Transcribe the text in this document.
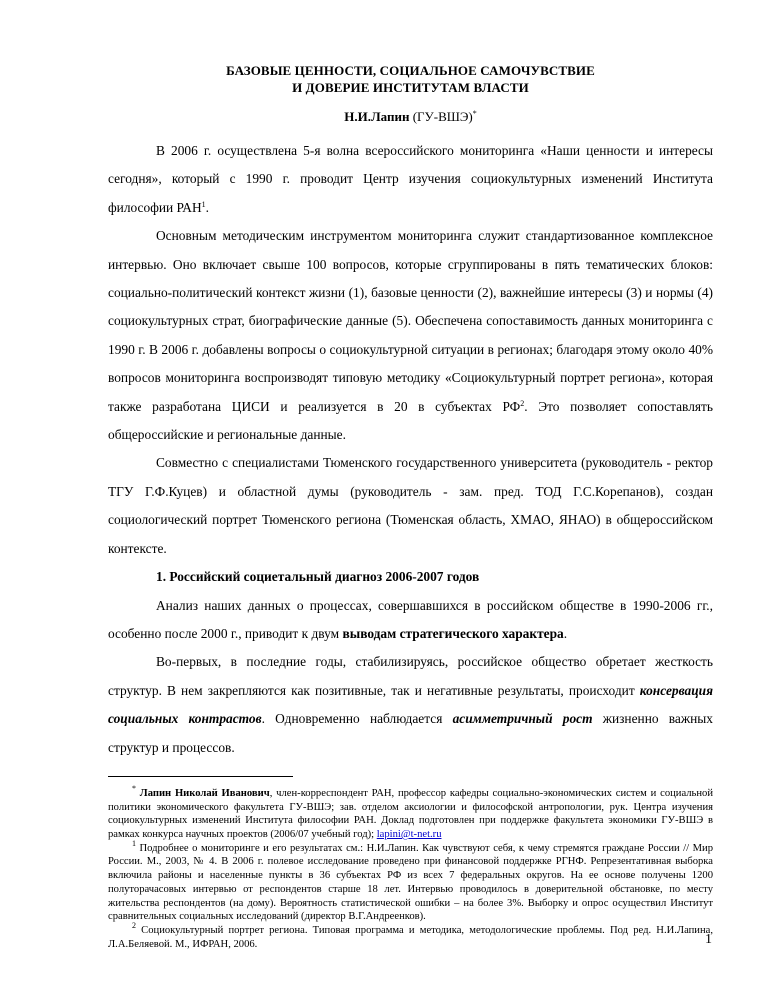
БАЗОВЫЕ ЦЕННОСТИ, СОЦИАЛЬНОЕ САМОЧУВСТВИЕ
И ДОВЕРИЕ ИНСТИТУТАМ ВЛАСТИ
Н.И.Лапин (ГУ-ВШЭ)*

В 2006 г. осуществлена 5-я волна всероссийского мониторинга «Наши ценности и интересы сегодня», который с 1990 г. проводит Центр изучения социокультурных изменений Института философии РАН$^1$.

Основным методическим инструментом мониторинга служит стандартизованное комплексное интервью. Оно включает свыше 100 вопросов, которые сгруппированы в пять тематических блоков: социально-политический контекст жизни (1), базовые ценности (2), важнейшие интересы (3) и нормы (4) социокультурных страт, биографические данные (5). Обеспечена сопоставимость данных мониторинга с 1990 г. В 2006 г. добавлены вопросы о социокультурной ситуации в регионах; благодаря этому около 40% вопросов мониторинга воспроизводят типовую методику «Социокультурный портрет региона», которая также разработана ЦИСИ и реализуется в 20 в субъектах $РФ^2$. Это позволяет сопоставлять общероссийские и региональные данные.

Совместно с специалистами Тюменского государственного университета (руководитель - ректор ТГУ Г.Ф.Куцев) и областной думы (руководитель - зам. пред. ТОД Г.С.Корепанов), создан социологический портрет Тюменского региона (Тюменская область, ХМАО, ЯНАО) в общероссийском контексте.

1. Российский социетальный диагноз 2006-2007 годов

Анализ наших данных о процессах, совершавшихся в российском обществе в 1990-2006 гг., особенно после 2000 г., приводит к двум выводам стратегического характера.

Во-первых, в последние годы, стабилизируясь, российское общество обретает жесткость структур. В нем закрепляются как позитивные, так и негативные результаты, происходит консервация социальных контрастов. Одновременно наблюдается асимметричный рост жизненно важных структур и процессов.

* Лапин Николай Иванович, член-корреспондент РАН, профессор кафедры социально-экономических систем и социальной политики экономического факультета ГУ-ВШЭ; зав. отделом аксиологии и философской антропологии, рук. Центра изучения социокультурных изменений Института философии РАН. Доклад подготовлен при поддержке факультета экономики ГУ-ВШЭ в рамках конкурса научных проектов (2006/07 учебный год); lapini@t-net.ru

$^1$ Подробнее о мониторинге и его результатах см.: Н.И.Лапин. Как чувствуют себя, к чему стремятся граждане России // Мир России. М., 2003, № 4. В 2006 г. полевое исследование проведено при финансовой поддержке РГНФ. Репрезентативная выборка включила районы и населенные пункты в 36 субъектах РФ из всех 7 федеральных округов. На ее основе получены 1200 полуторачасовых интервью от респондентов старше 18 лет. Интервью проводилось в доверительной обстановке, по месту жительства респондентов (на дому). Вероятность статистической ошибки – на более 3%. Выборку и опрос осуществил Институт сравнительных социальных исследований (директор В.Г.Андреенков).

$^2$ Социокультурный портрет региона. Типовая программа и методика, методологические проблемы. Под ред. Н.И.Лапина, Л.А.Беляевой. М., ИФРАН, 2006.	1
